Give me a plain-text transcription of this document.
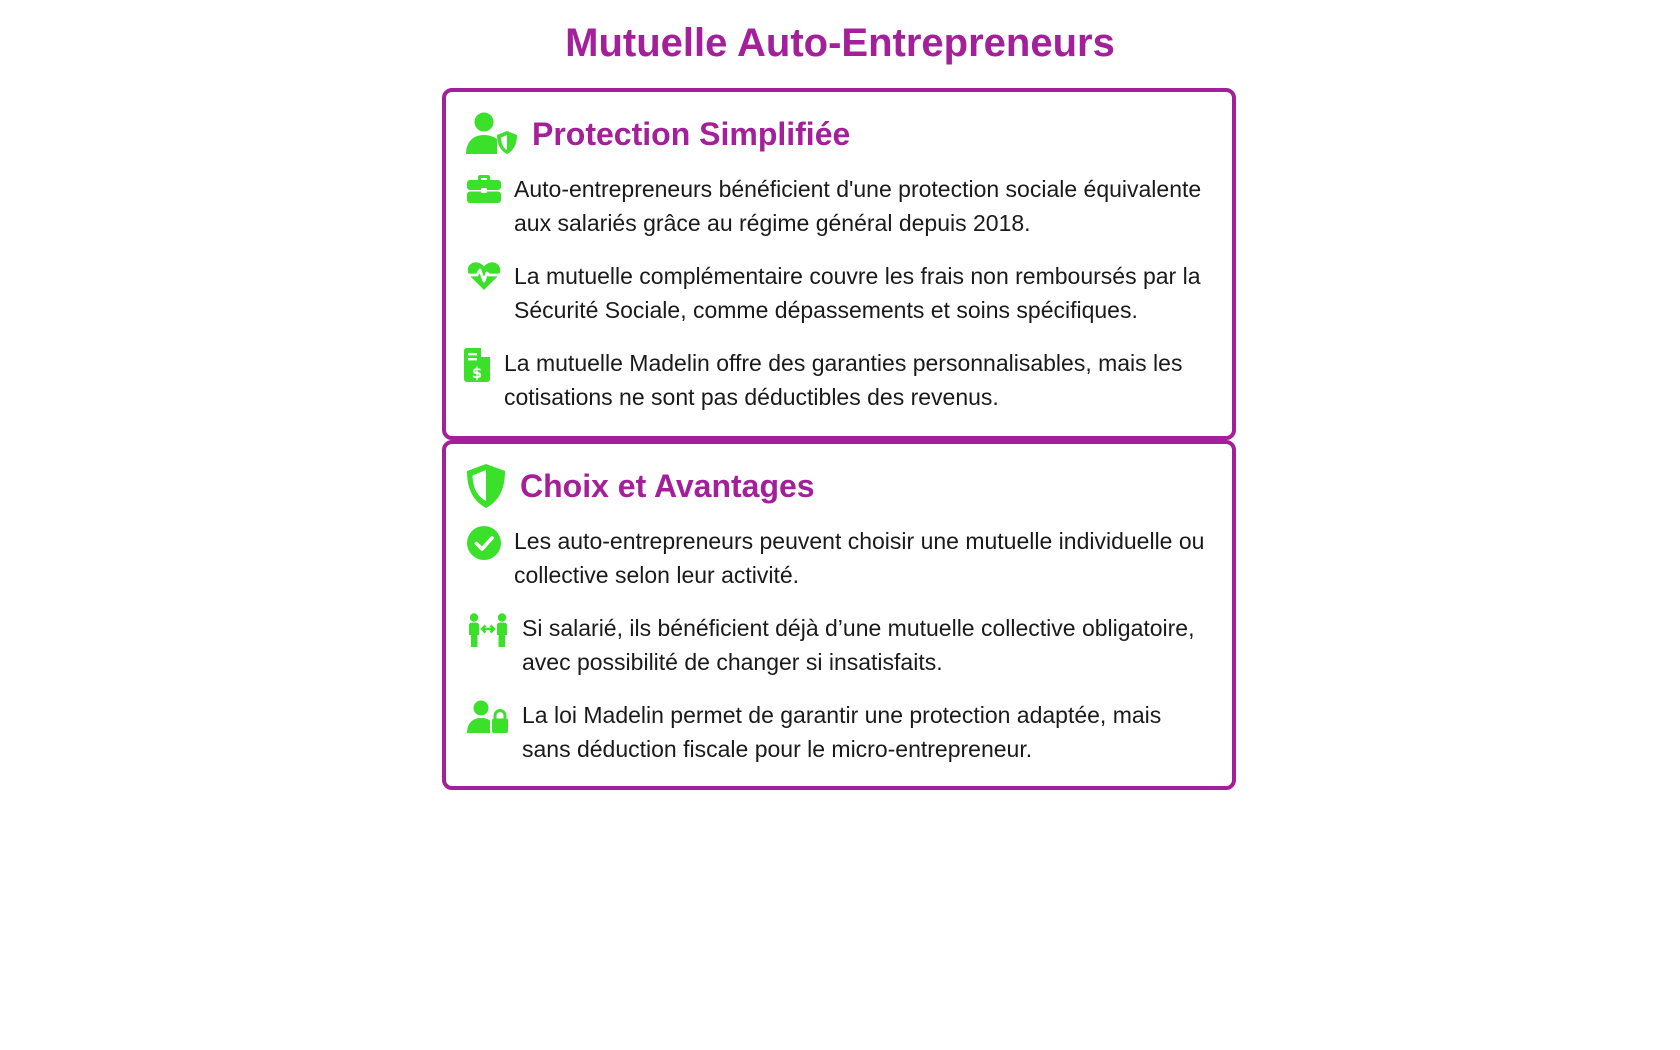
Mutuelle Auto-Entrepreneurs
Protection Simplifiée
Auto-entrepreneurs bénéficient d'une protection sociale équivalente aux salariés grâce au régime général depuis 2018.
La mutuelle complémentaire couvre les frais non remboursés par la Sécurité Sociale, comme dépassements et soins spécifiques.
$ La mutuelle Madelin offre des garanties personnalisables, mais les cotisations ne sont pas déductibles des revenus.
Choix et Avantages
Les auto-entrepreneurs peuvent choisir une mutuelle individuelle ou collective selon leur activité.
Si salarié, ils bénéficient déjà d’une mutuelle collective obligatoire, avec possibilité de changer si insatisfaits.
La loi Madelin permet de garantir une protection adaptée, mais sans déduction fiscale pour le micro-entrepreneur.
